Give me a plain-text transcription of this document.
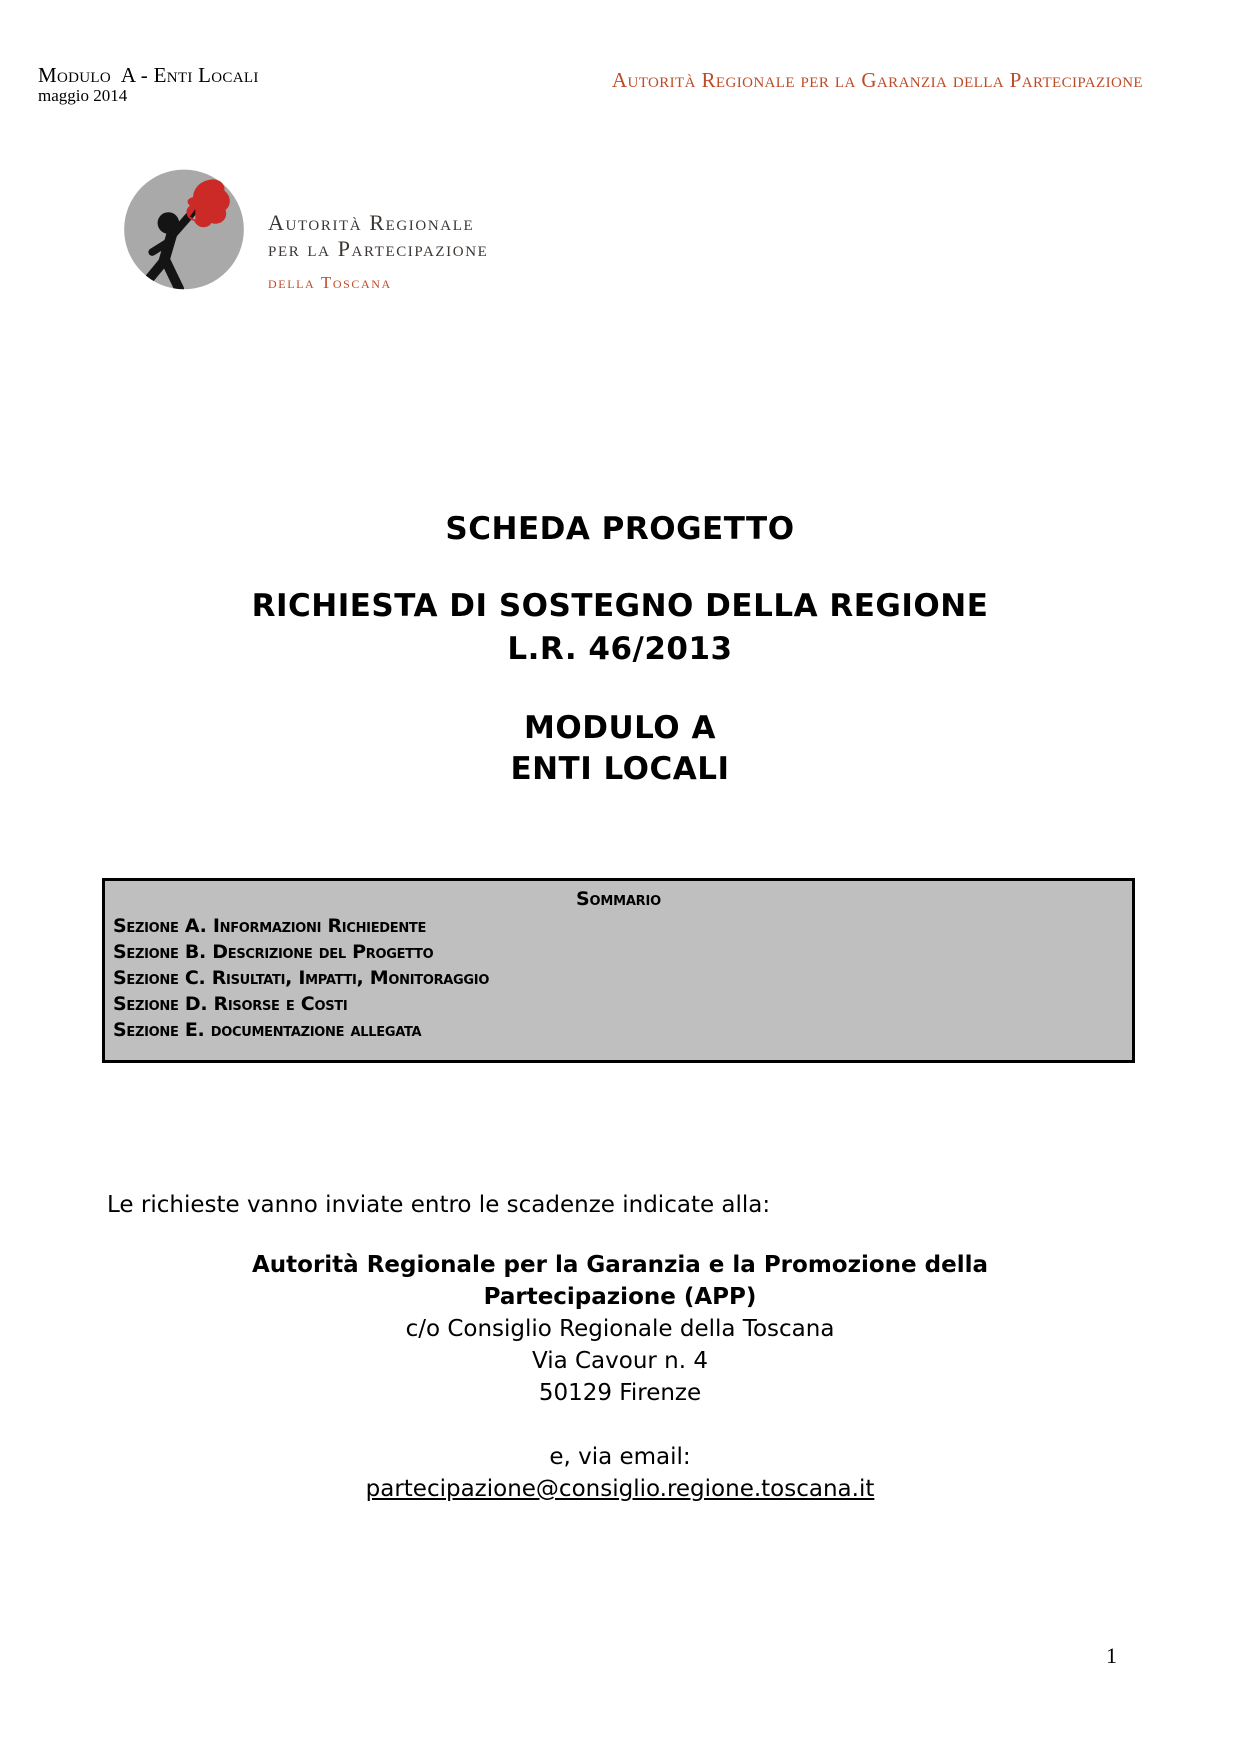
Modulo  A - Enti Locali
maggio 2014
Autorità Regionale per la Garanzia della Partecipazione
Autorità Regionale
per la Partecipazione
della Toscana
SCHEDA PROGETTO
RICHIESTA DI SOSTEGNO DELLA REGIONE
L.R. 46/2013
MODULO A
ENTI LOCALI
Sommario
Sezione A. Informazioni Richiedente
Sezione B. Descrizione del Progetto
Sezione C. Risultati, Impatti, Monitoraggio
Sezione D. Risorse e Costi
Sezione E. documentazione allegata
Le richieste vanno inviate entro le scadenze indicate alla:
Autorità Regionale per la Garanzia e la Promozione della
Partecipazione (APP)
c/o Consiglio Regionale della Toscana
Via Cavour n. 4
50129 Firenze
e, via email:
partecipazione@consiglio.regione.toscana.it
1
